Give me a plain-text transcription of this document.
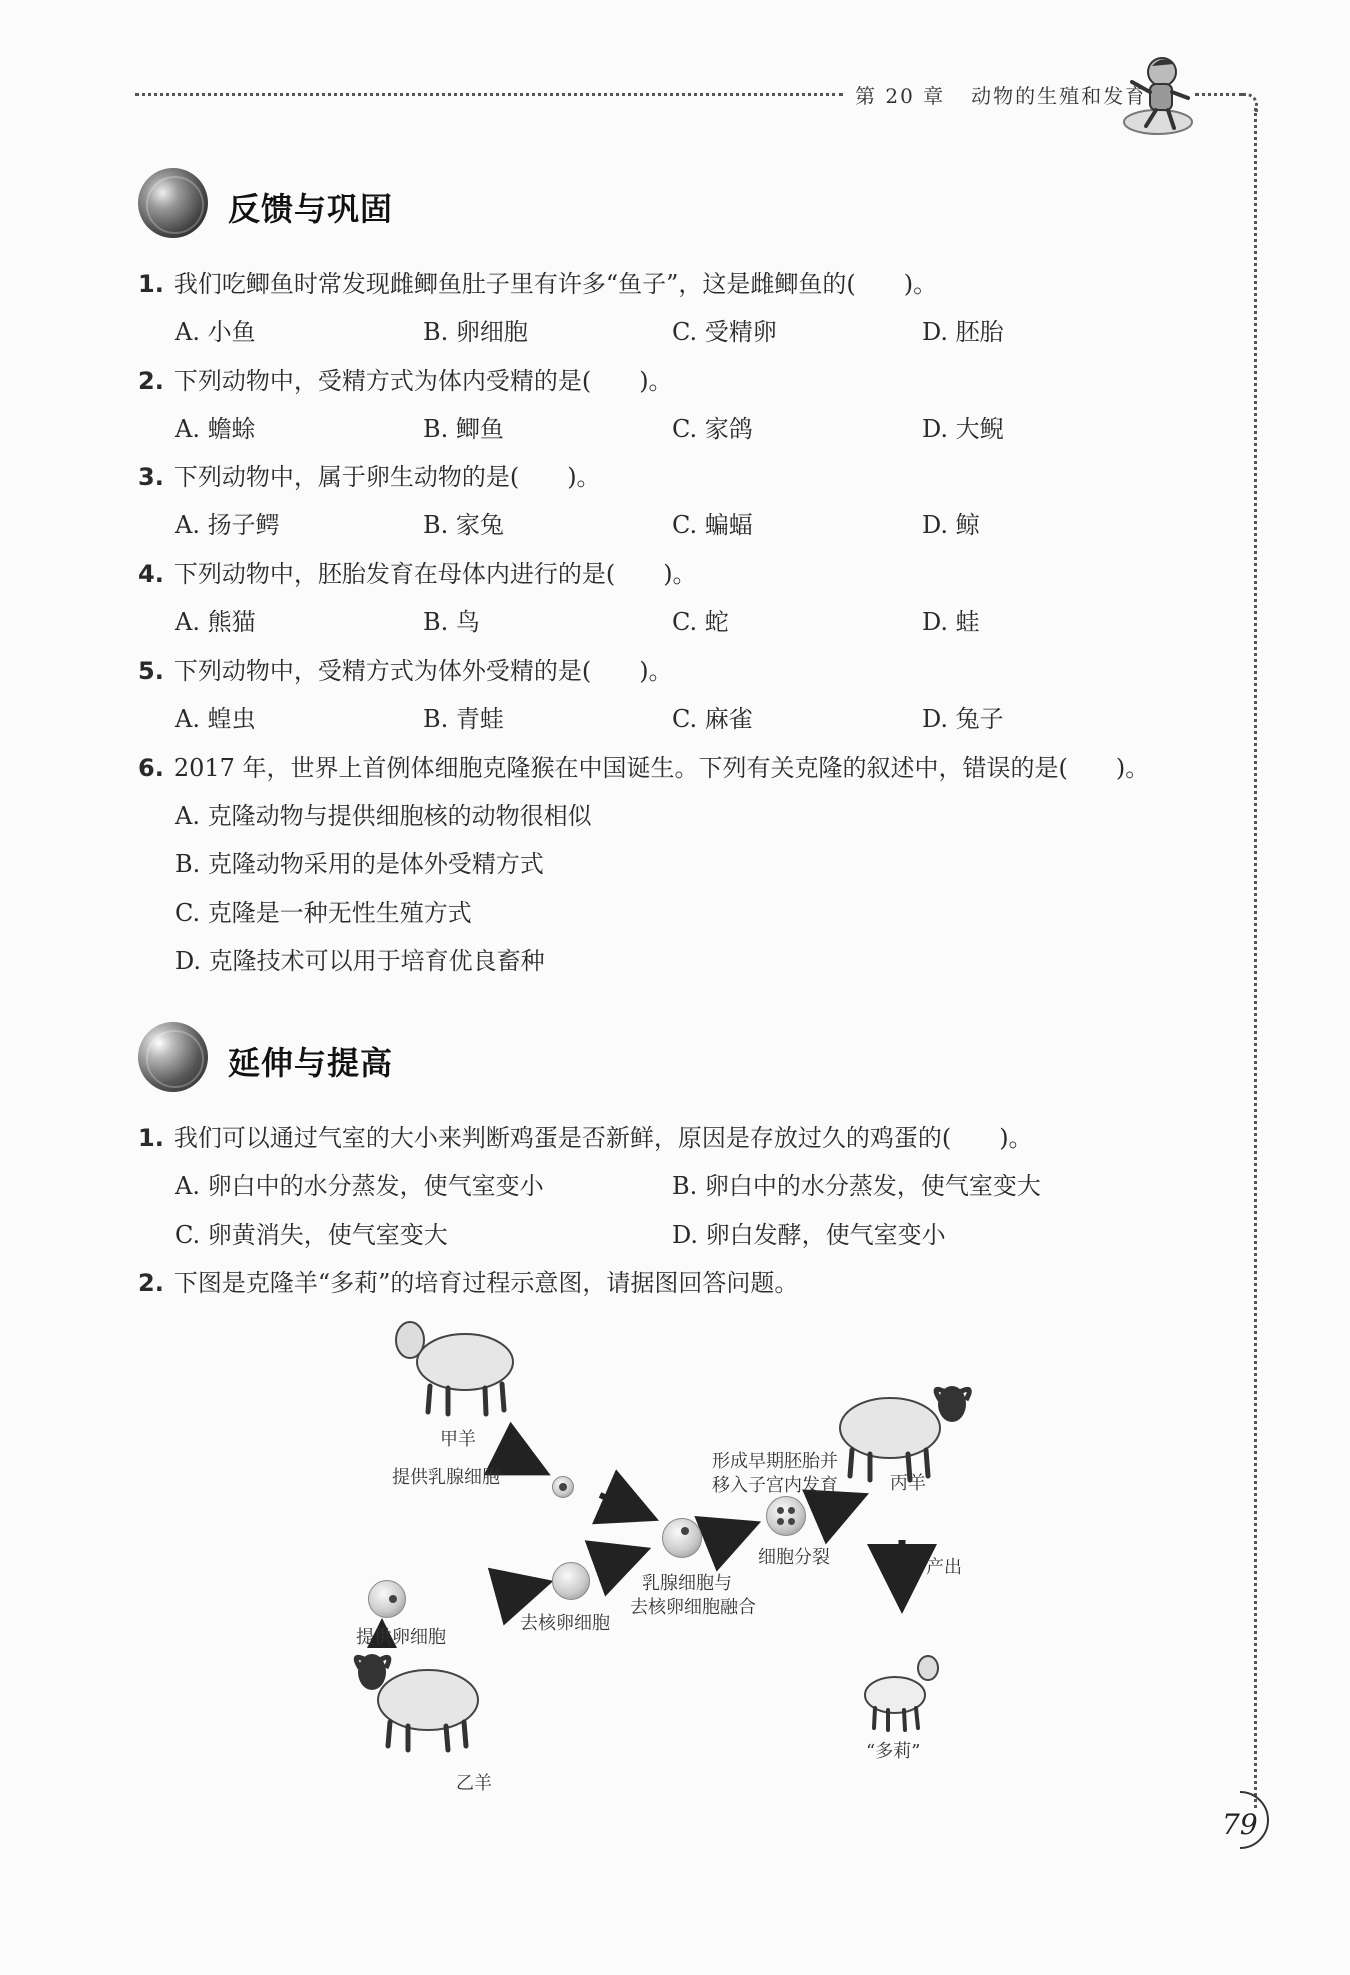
第 20 章 动物的生殖和发育
反馈与巩固
1. 我们吃鲫鱼时常发现雌鲫鱼肚子里有许多“鱼子”，这是雌鲫鱼的(　　)。
A. 小鱼	B. 卵细胞	C. 受精卵	D. 胚胎
2. 下列动物中，受精方式为体内受精的是(　　)。
A. 蟾蜍	B. 鲫鱼	C. 家鸽	D. 大鲵
3. 下列动物中，属于卵生动物的是(　　)。
A. 扬子鳄	B. 家兔	C. 蝙蝠	D. 鲸
4. 下列动物中，胚胎发育在母体内进行的是(　　)。
A. 熊猫	B. 鸟	C. 蛇	D. 蛙
5. 下列动物中，受精方式为体外受精的是(　　)。
A. 蝗虫	B. 青蛙	C. 麻雀	D. 兔子
6. 2017 年，世界上首例体细胞克隆猴在中国诞生。下列有关克隆的叙述中，错误的是(　　)。
A. 克隆动物与提供细胞核的动物很相似
B. 克隆动物采用的是体外受精方式
C. 克隆是一种无性生殖方式
D. 克隆技术可以用于培育优良畜种
延伸与提高
1. 我们可以通过气室的大小来判断鸡蛋是否新鲜，原因是存放过久的鸡蛋的(　　)。
A. 卵白中的水分蒸发，使气室变小	B. 卵白中的水分蒸发，使气室变大
C. 卵黄消失，使气室变大	D. 卵白发酵，使气室变小
2. 下图是克隆羊“多莉”的培育过程示意图，请据图回答问题。
甲羊
提供乳腺细胞
形成早期胚胎并
移入子宫内发育	丙羊
细胞分裂	产出
乳腺细胞与
去核卵细胞融合
去核卵细胞
提供卵细胞
乙羊
“多莉”
79
